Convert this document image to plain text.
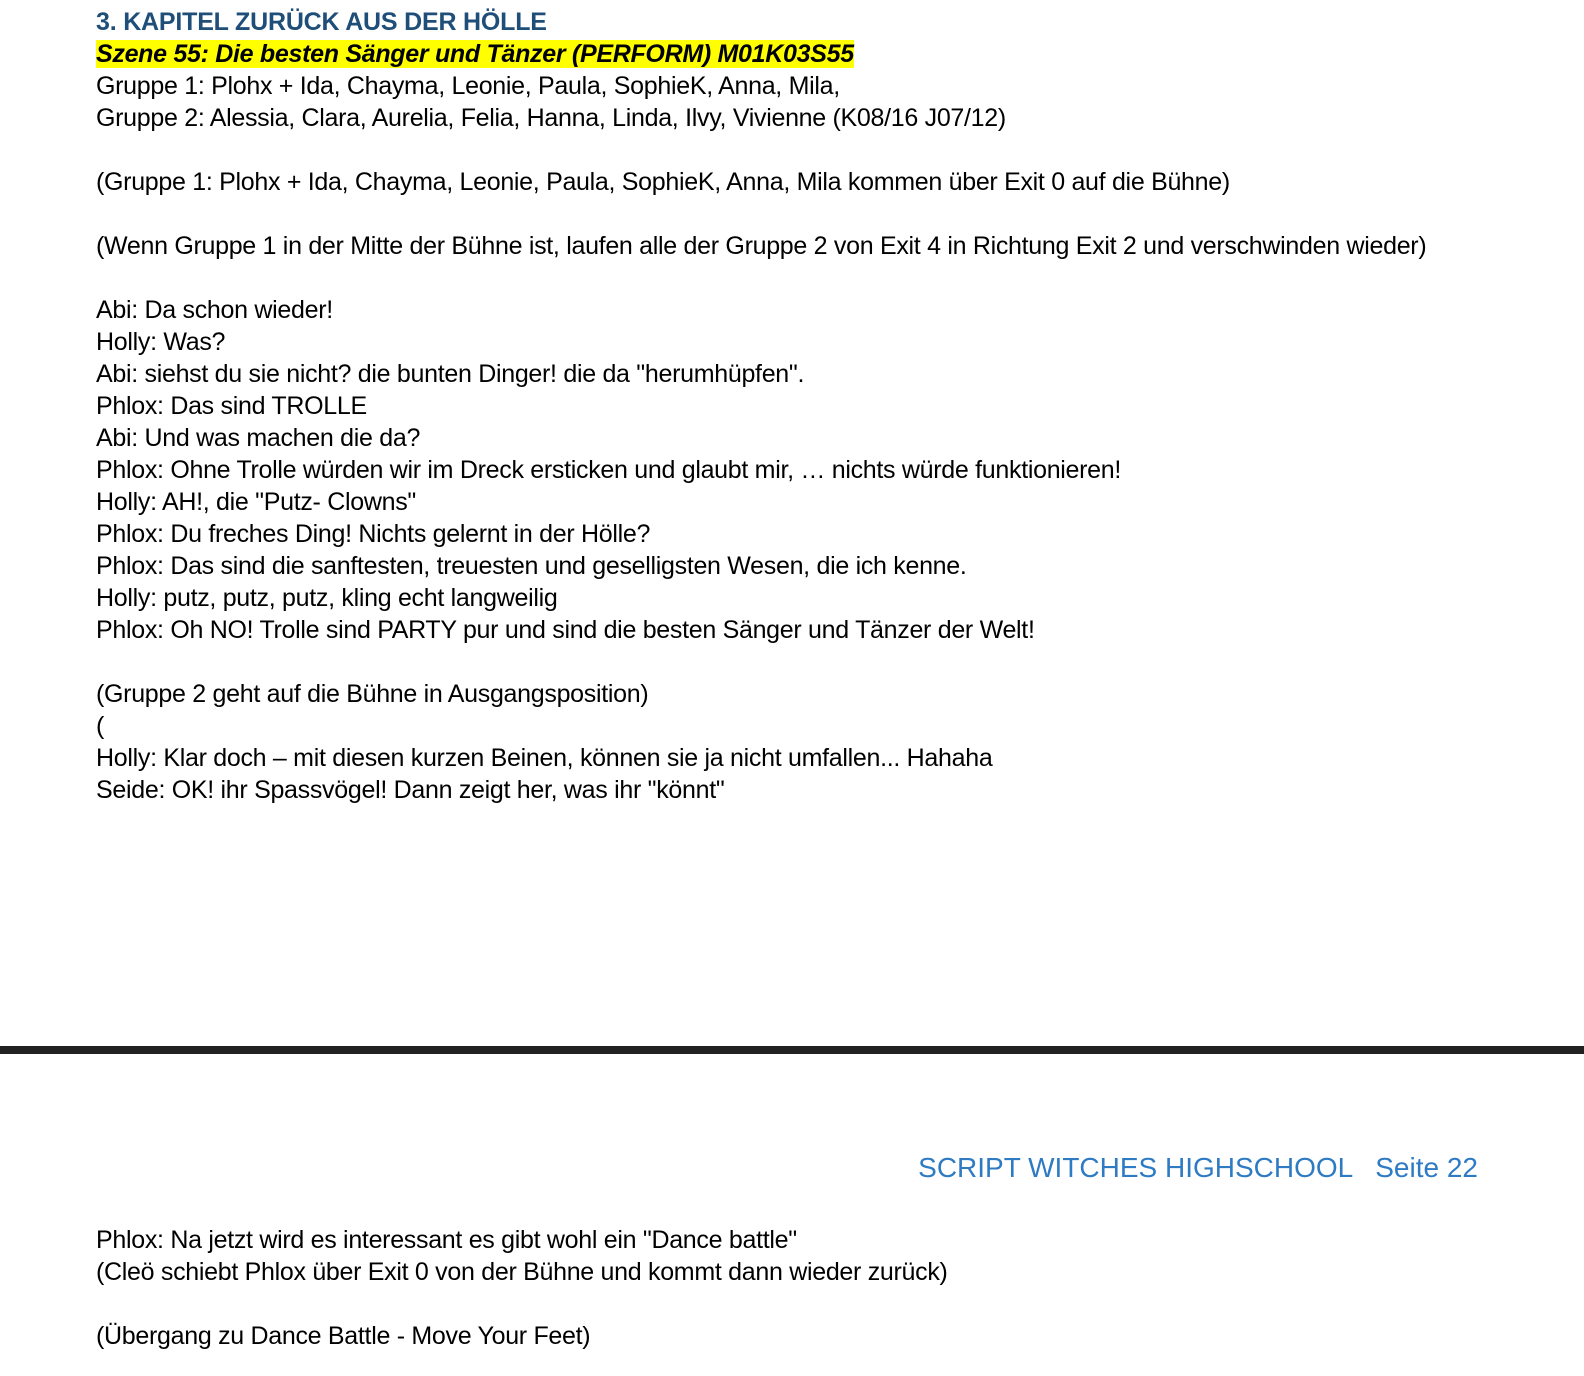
3. KAPITEL ZURÜCK AUS DER HÖLLE
Szene 55: Die besten Sänger und Tänzer (PERFORM) M01K03S55
Gruppe 1: Plohx + Ida, Chayma, Leonie, Paula, SophieK, Anna, Mila,
Gruppe 2: Alessia, Clara, Aurelia, Felia, Hanna, Linda, Ilvy, Vivienne (K08/16 J07/12)
(Gruppe 1: Plohx + Ida, Chayma, Leonie, Paula, SophieK, Anna, Mila kommen über Exit 0 auf die Bühne)
(Wenn Gruppe 1 in der Mitte der Bühne ist, laufen alle der Gruppe 2 von Exit 4 in Richtung Exit 2 und verschwinden wieder)
Abi: Da schon wieder!
Holly: Was?
Abi: siehst du sie nicht? die bunten Dinger! die da "herumhüpfen".
Phlox: Das sind TROLLE
Abi: Und was machen die da?
Phlox: Ohne Trolle würden wir im Dreck ersticken und glaubt mir, … nichts würde funktionieren!
Holly: AH!, die "Putz- Clowns"
Phlox: Du freches Ding! Nichts gelernt in der Hölle?
Phlox: Das sind die sanftesten, treuesten und geselligsten Wesen, die ich kenne.
Holly: putz, putz, putz, kling echt langweilig
Phlox: Oh NO! Trolle sind PARTY pur und sind die besten Sänger und Tänzer der Welt!
(Gruppe 2 geht auf die Bühne in Ausgangsposition)
(
Holly: Klar doch – mit diesen kurzen Beinen, können sie ja nicht umfallen... Hahaha
Seide: OK! ihr Spassvögel! Dann zeigt her, was ihr "könnt"
SCRIPT WITCHES HIGHSCHOOL Seite 22
Phlox: Na jetzt wird es interessant es gibt wohl ein "Dance battle"
(Cleö schiebt Phlox über Exit 0 von der Bühne und kommt dann wieder zurück)
(Übergang zu Dance Battle - Move Your Feet)
